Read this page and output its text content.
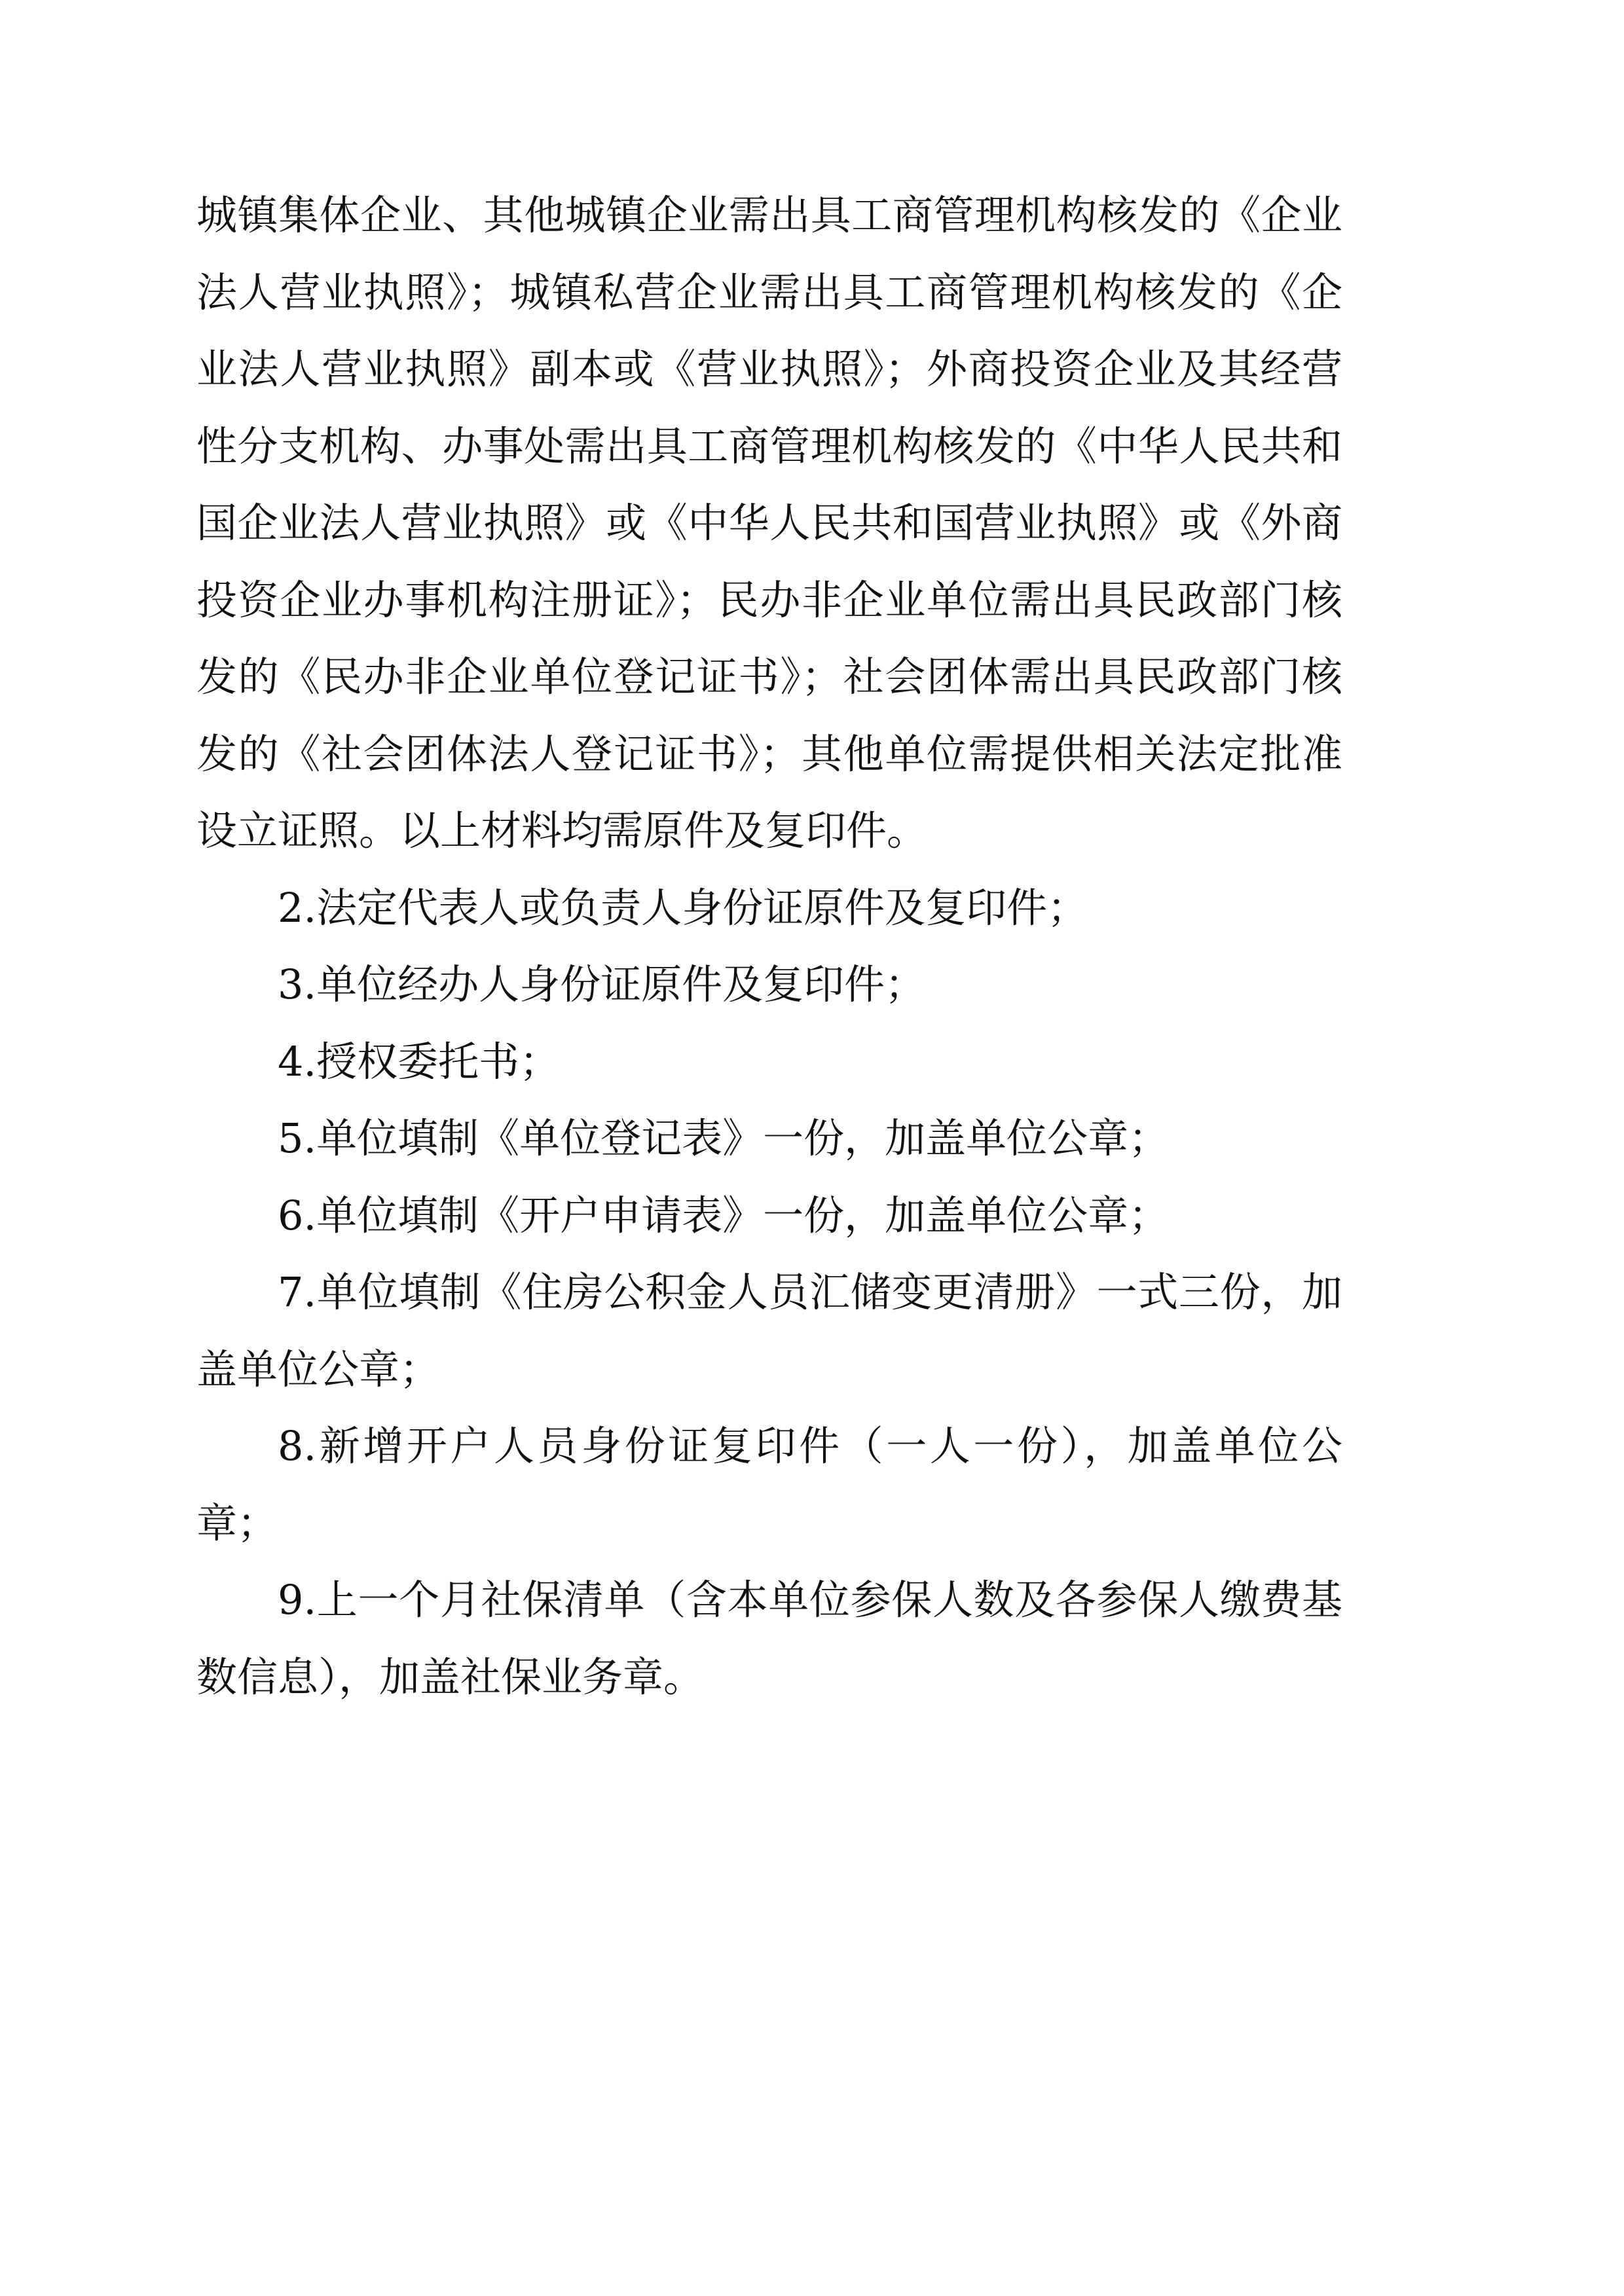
城镇集体企业、其他城镇企业需出具工商管理机构核发的《企业法人营业执照》；城镇私营企业需出具工商管理机构核发的《企业法人营业执照》副本或《营业执照》；外商投资企业及其经营性分支机构、办事处需出具工商管理机构核发的《中华人民共和国企业法人营业执照》或《中华人民共和国营业执照》或《外商投资企业办事机构注册证》；民办非企业单位需出具民政部门核发的《民办非企业单位登记证书》；社会团体需出具民政部门核发的《社会团体法人登记证书》；其他单位需提供相关法定批准设立证照。以上材料均需原件及复印件。

2.法定代表人或负责人身份证原件及复印件；

3.单位经办人身份证原件及复印件；

4.授权委托书；

5.单位填制《单位登记表》一份，加盖单位公章；

6.单位填制《开户申请表》一份，加盖单位公章；

7.单位填制《住房公积金人员汇储变更清册》一式三份，加盖单位公章；

8.新增开户人员身份证复印件（一人一份），加盖单位公章；

9.上一个月社保清单（含本单位参保人数及各参保人缴费基数信息），加盖社保业务章。
